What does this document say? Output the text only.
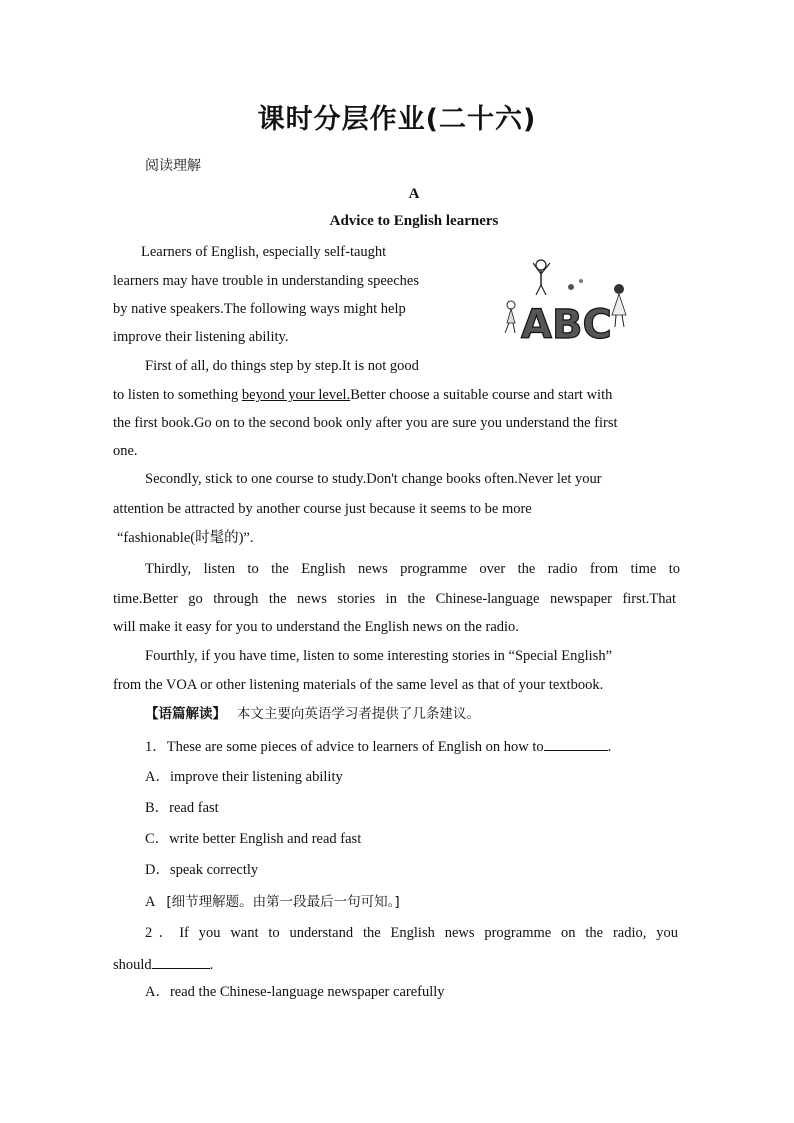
课时分层作业(二十六)
阅读理解
A
Advice to English learners
Learners of English, especially self-taught
learners may have trouble in understanding speeches
by native speakers.The following ways might help
improve their listening ability.	ABC
First of all, do things step by step.It is not good
to listen to something beyond your level.Better choose a suitable course and start with
the first book.Go on to the second book only after you are sure you understand the first
one.
Secondly, stick to one course to study.Don't change books often.Never let your
attention be attracted by another course just because it seems to be more
“fashionable(时髦的)”.
Thirdly, listen to the English news programme over the radio from time to
time.Better go through the news stories in the Chinese-language newspaper first.That
will make it easy for you to understand the English news on the radio.
Fourthly, if you have time, listen to some interesting stories in “Special English”
from the VOA or other listening materials of the same level as that of your textbook.
【语篇解读】 本文主要向英语学习者提供了几条建议。
1．These are some pieces of advice to learners of English on how to	.
A．improve their listening ability
B．read fast
C．write better English and read fast
D．speak correctly
A [细节理解题。由第一段最后一句可知。]
2．If you want to understand the English news programme on the radio, you
should	.
A．read the Chinese-language newspaper carefully
